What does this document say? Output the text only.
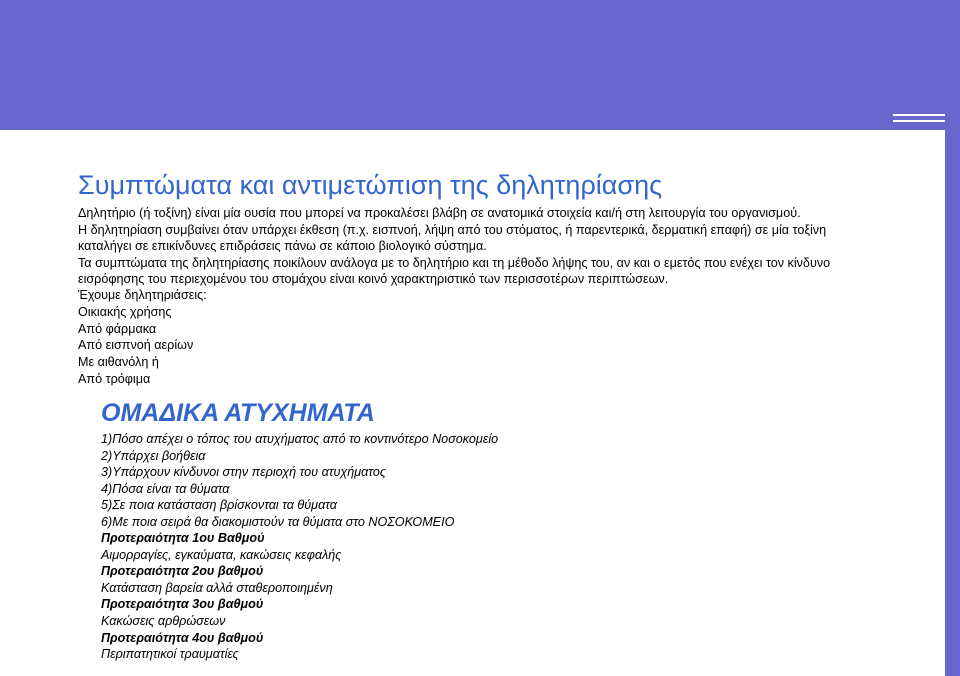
Συμπτώματα και αντιμετώπιση της δηλητηρίασης
Δηλητήριο (ή τοξίνη) είναι μία ουσία που μπορεί να προκαλέσει βλάβη σε ανατομικά στοιχεία και/ή στη λειτουργία του οργανισμού.
Η δηλητηρίαση συμβαίνει όταν υπάρχει έκθεση (π.χ. εισπνοή, λήψη από του στόματος, ή παρεντερικά, δερματική επαφή) σε μία τοξίνη
καταλήγει σε επικίνδυνες επιδράσεις πάνω σε κάποιο βιολογικό σύστημα.
Τα συμπτώματα της δηλητηρίασης ποικίλουν ανάλογα με το δηλητήριο και τη μέθοδο λήψης του, αν και ο εμετός που ενέχει τον κίνδυνο
εισρόφησης του περιεχομένου του στομάχου είναι κοινό χαρακτηριστικό των περισσοτέρων περιπτώσεων.
Έχουμε δηλητηριάσεις:
Οικιακής χρήσης
Από φάρμακα
Από εισπνοή αερίων
Με αιθανόλη ή
Από τρόφιμα
ΟΜΑΔΙΚΑ ΑΤΥΧΗΜΑΤΑ
1)Πόσο απέχει ο τόπος του ατυχήματος από το κοντινότερο Νοσοκομείο
2)Υπάρχει βοήθεια
3)Υπάρχουν κίνδυνοι στην περιοχή του ατυχήματος
4)Πόσα είναι τα θύματα
5)Σε ποια κατάσταση βρίσκονται τα θύματα
6)Με ποια σειρά θα διακομιστούν τα θύματα στο ΝΟΣΟΚΟΜΕΙΟ
Προτεραιότητα 1ου Βαθμού
Αιμορραγίες, εγκαύματα, κακώσεις κεφαλής
Προτεραιότητα 2ου βαθμού
Κατάσταση βαρεία αλλά σταθεροποιημένη
Προτεραιότητα 3ου βαθμού
Κακώσεις αρθρώσεων
Προτεραιότητα 4ου βαθμού
Περιπατητικοί τραυματίες
